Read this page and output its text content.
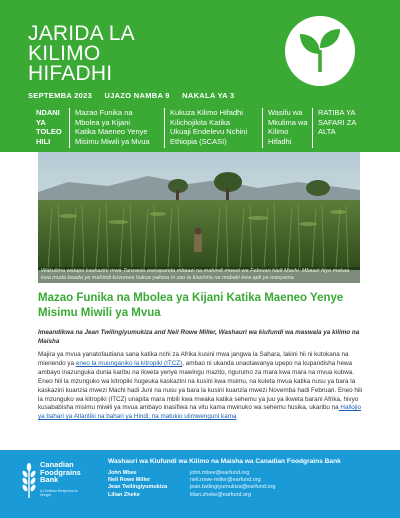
JARIDA LA
KILIMO
HIFADHI
SEPTEMBA 2023 UJAZO NAMBA 9 NAKALA YA 3
NDANI
YA
TOLEO
HILI
Mazao Funika na
Mbolea ya Kijani
Katika Maeneo Yenye
Misimu Miwili ya Mvua
Kukuza Kilimo Hifadhi
Kilichojikita Katika
Ukuaji Endelevu Nchini
Ethiopia (SCASI)
Wasifu wa
Mkulima wa
Kilimo
Hifadhi
RATIBA YA
SAFARI ZA
ALTA
Wakulima watapo kaskazini mwa Tanzania wanapanda mbaazi na mahindi mwezi wa Februari hadi Machi. Mbaazi hiyo makaa kwa muda baada ya mahindi kuvunwa hukua yakiwa ni zao la kiashiria na mabaki kwa apli ya wanyama.
Mazao Funika na Mbolea ya Kijani Katika Maeneo Yenye Misimu Miwili ya Mvua
Imeandikwa na Jean Twilingiyumukiza and Neil Rowe Miller, Washauri wa kiufundi wa maswala ya kilimo na Maisha
Majira ya mvua yanatofautiana sana katika nchi za Afrika kusini mwa jangwa la Sahara, lakini hii ni kutokana na mienendo ya eneo la muunganiko la kitropiki (ITCZ), ambao ni ukanda unaotawanya upepo na kupandisha hewa ambayo inazunguka dunia karibu na ikweta yenye mawingu mazito, ngurumo za mara kwa mara na mvua kubwa. Eneo hili la mzunguko wa kitropiki hugeuka kaskazini na kusini kwa msimu, na kuleta mvua katika nusu ya bara la kaskazini kuanzia mwezi Machi hadi Juni na nusu ya bara la kusini kuanzia mwezi Novemba hadi Februari. Eneo hili la mzunguko wa kitropiki (ITCZ) unapita mara mbili kwa mwaka katika sehemu ya juu ya ikweta barani Afrika, hivyo kusababisha misimu miwili ya mvua ambayo inasifiwa na vitu kama mwinuko wa sehemu husika, ukaribu na Hallojio ya bahari ya Atlantiki na bahari ya Hindi, na matukio ulimwenguni kama
Canadian
Foodgrains
Bank
A Christian Response to Hunger
Washauri wa Kiufundi wa Kilimo na Maisha wa Canadian Foodgrains Bank
John Mbee	john.mbee@earfund.org
Neil Rowe Miller	neil.rowe-miller@earfund.org
Jean Twilingiyumukiza	jean.twilingiyumukiza@earfund.org
Lilian Zheke	lilian.zheke@earfund.org
